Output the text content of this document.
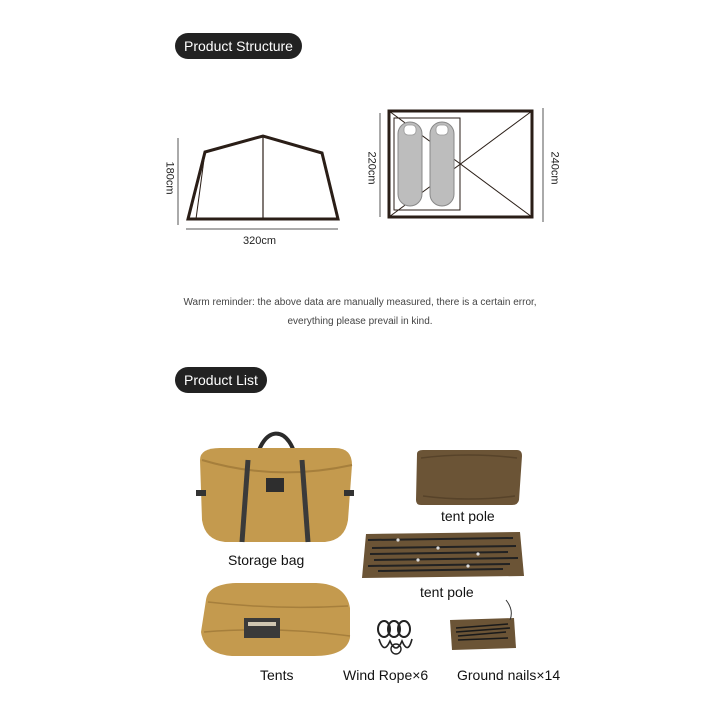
Product Structure
180cm
320cm
220cm	240cm
Warm reminder: the above data are manually measured, there is a certain error,
everything please prevail in kind.
Product List
Storage bag
tent pole
tent pole
Tents	Wind Rope×6 Ground nails×14
